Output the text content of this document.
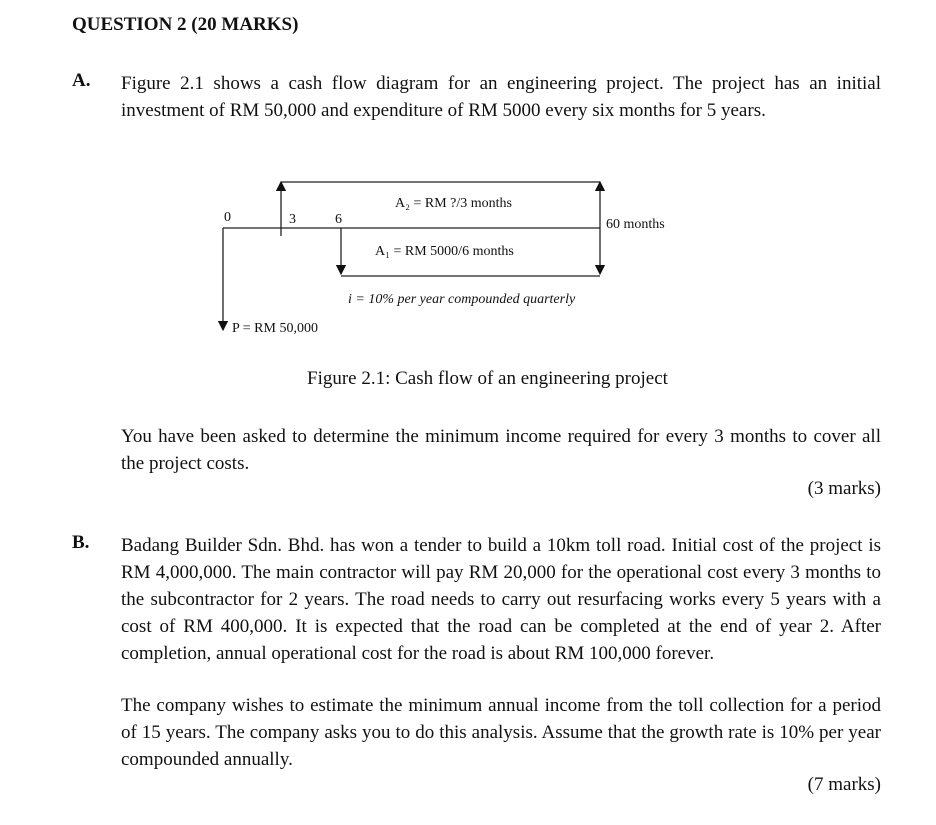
QUESTION 2 (20 MARKS)
A. Figure 2.1 shows a cash flow diagram for an engineering project. The project has an initial investment of RM 50,000 and expenditure of RM 5000 every six months for 5 years.
0	3	6	60 months
A₂ = RM ?/3 months
A₁ = RM 5000/6 months
i = 10% per year compounded quarterly
P = RM 50,000
Figure 2.1: Cash flow of an engineering project
You have been asked to determine the minimum income required for every 3 months to cover all the project costs.
(3 marks)
B. Badang Builder Sdn. Bhd. has won a tender to build a 10km toll road. Initial cost of the project is RM 4,000,000. The main contractor will pay RM 20,000 for the operational cost every 3 months to the subcontractor for 2 years. The road needs to carry out resurfacing works every 5 years with a cost of RM 400,000. It is expected that the road can be completed at the end of year 2. After completion, annual operational cost for the road is about RM 100,000 forever.
The company wishes to estimate the minimum annual income from the toll collection for a period of 15 years. The company asks you to do this analysis. Assume that the growth rate is 10% per year compounded annually.
(7 marks)
